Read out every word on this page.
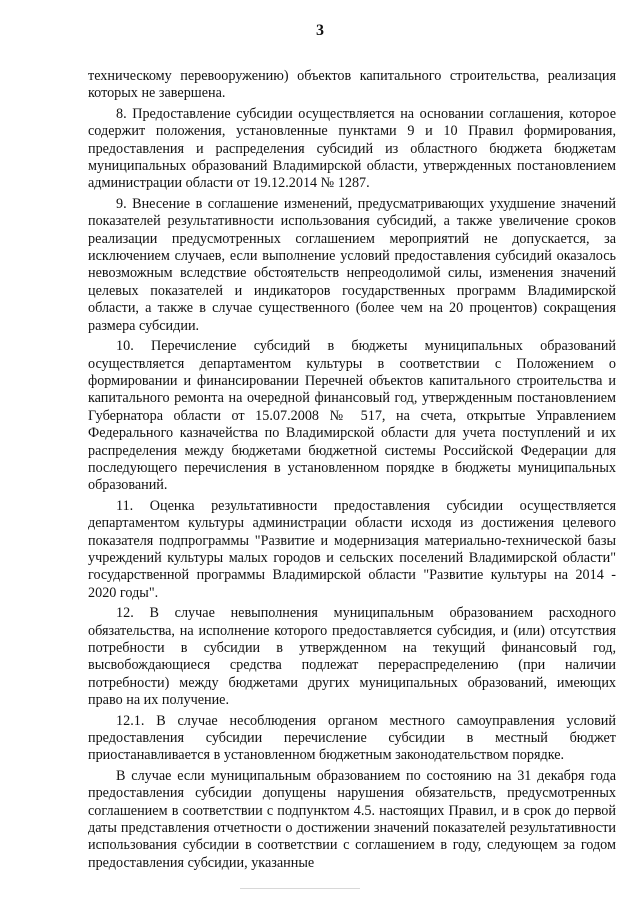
3

техническому перевооружению) объектов капитального строительства, реализация которых не завершена.

8. Предоставление субсидии осуществляется на основании соглашения, которое содержит положения, установленные пунктами 9 и 10 Правил формирования, предоставления и распределения субсидий из областного бюджета бюджетам муниципальных образований Владимирской области, утвержденных постановлением администрации области от 19.12.2014 № 1287.

9. Внесение в соглашение изменений, предусматривающих ухудшение значений показателей результативности использования субсидий, а также увеличение сроков реализации предусмотренных соглашением мероприятий не допускается, за исключением случаев, если выполнение условий предоставления субсидий оказалось невозможным вследствие обстоятельств непреодолимой силы, изменения значений целевых показателей и индикаторов государственных программ Владимирской области, а также в случае существенного (более чем на 20 процентов) сокращения размера субсидии.

10. Перечисление субсидий в бюджеты муниципальных образований осуществляется департаментом культуры в соответствии с Положением о формировании и финансировании Перечней объектов капитального строительства и капитального ремонта на очередной финансовый год, утвержденным постановлением Губернатора области от 15.07.2008 № 517, на счета, открытые Управлением Федерального казначейства по Владимирской области для учета поступлений и их распределения между бюджетами бюджетной системы Российской Федерации для последующего перечисления в установленном порядке в бюджеты муниципальных образований.

11. Оценка результативности предоставления субсидии осуществляется департаментом культуры администрации области исходя из достижения целевого показателя подпрограммы "Развитие и модернизация материально-технической базы учреждений культуры малых городов и сельских поселений Владимирской области" государственной программы Владимирской области "Развитие культуры на 2014 - 2020 годы".

12. В случае невыполнения муниципальным образованием расходного обязательства, на исполнение которого предоставляется субсидия, и (или) отсутствия потребности в субсидии в утвержденном на текущий финансовый год, высвобождающиеся средства подлежат перераспределению (при наличии потребности) между бюджетами других муниципальных образований, имеющих право на их получение.

12.1. В случае несоблюдения органом местного самоуправления условий предоставления субсидии перечисление субсидии в местный бюджет приостанавливается в установленном бюджетным законодательством порядке.

В случае если муниципальным образованием по состоянию на 31 декабря года предоставления субсидии допущены нарушения обязательств, предусмотренных соглашением в соответствии с подпунктом 4.5. настоящих Правил, и в срок до первой даты представления отчетности о достижении значений показателей результативности использования субсидии в соответствии с соглашением в году, следующем за годом предоставления субсидии, указанные
